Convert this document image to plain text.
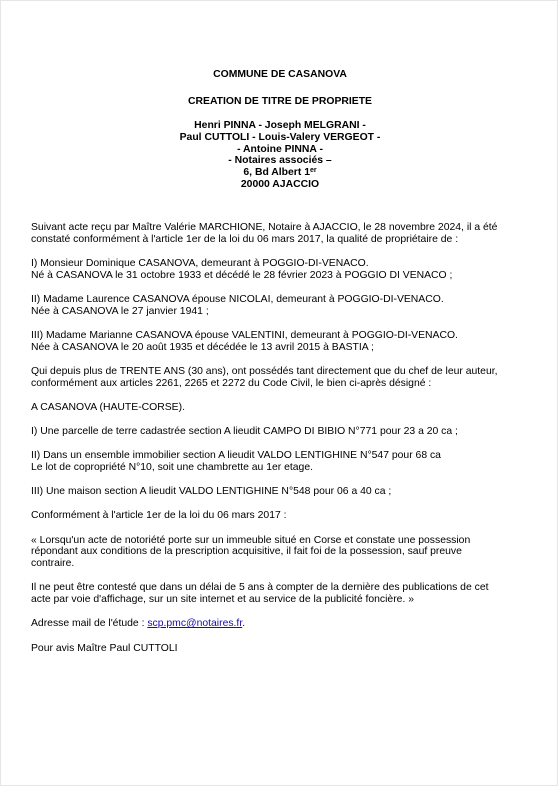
COMMUNE DE CASANOVA
CREATION DE TITRE DE PROPRIETE
Henri PINNA - Joseph MELGRANI -
Paul CUTTOLI - Louis-Valery VERGEOT -
- Antoine PINNA -
- Notaires associés –
6, Bd Albert 1er
20000 AJACCIO

Suivant acte reçu par Maître Valérie MARCHIONE, Notaire à AJACCIO, le 28 novembre 2024, il a été
constaté conformément à l'article 1er de la loi du 06 mars 2017, la qualité de propriétaire de :

I) Monsieur Dominique CASANOVA, demeurant à POGGIO-DI-VENACO.
Né à CASANOVA le 31 octobre 1933 et décédé le 28 février 2023 à POGGIO DI VENACO ;

II) Madame Laurence CASANOVA épouse NICOLAI, demeurant à POGGIO-DI-VENACO.
Née à CASANOVA le 27 janvier 1941 ;

III) Madame Marianne CASANOVA épouse VALENTINI, demeurant à POGGIO-DI-VENACO.
Née à CASANOVA le 20 août 1935 et décédée le 13 avril 2015 à BASTIA ;

Qui depuis plus de TRENTE ANS (30 ans), ont possédés tant directement que du chef de leur auteur,
conformément aux articles 2261, 2265 et 2272 du Code Civil, le bien ci-après désigné :

A CASANOVA (HAUTE-CORSE).

I) Une parcelle de terre cadastrée section A lieudit CAMPO DI BIBIO N°771 pour 23 a 20 ca ;

II) Dans un ensemble immobilier section A lieudit VALDO LENTIGHINE N°547 pour 68 ca
Le lot de copropriété N°10, soit une chambrette au 1er etage.

III) Une maison section A lieudit VALDO LENTIGHINE N°548 pour 06 a 40 ca ;

Conformément à l'article 1er de la loi du 06 mars 2017 :

« Lorsqu'un acte de notoriété porte sur un immeuble situé en Corse et constate une possession
répondant aux conditions de la prescription acquisitive, il fait foi de la possession, sauf preuve
contraire.

Il ne peut être contesté que dans un délai de 5 ans à compter de la dernière des publications de cet
acte par voie d'affichage, sur un site internet et au service de la publicité foncière. »

Adresse mail de l'étude : scp.pmc@notaires.fr.

Pour avis Maître Paul CUTTOLI
